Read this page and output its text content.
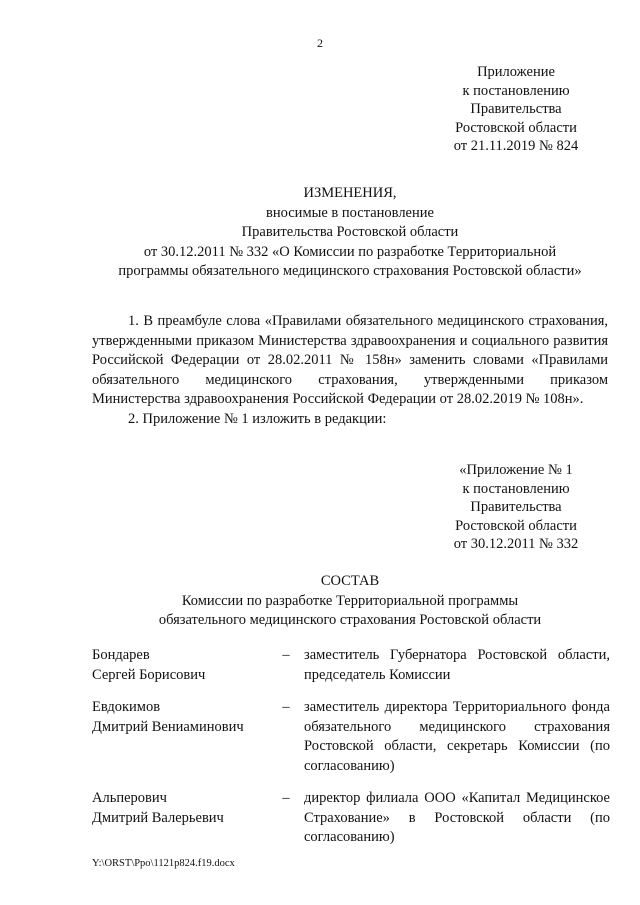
2
Приложение
к постановлению
Правительства
Ростовской области
от 21.11.2019 № 824
ИЗМЕНЕНИЯ,
вносимые в постановление
Правительства Ростовской области
от 30.12.2011 № 332 «О Комиссии по разработке Территориальной
программы обязательного медицинского страхования Ростовской области»

1. В преамбуле слова «Правилами обязательного медицинского страхования, утвержденными приказом Министерства здравоохранения и социального развития Российской Федерации от 28.02.2011 № 158н» заменить словами «Правилами обязательного медицинского страхования, утвержденными приказом Министерства здравоохранения Российской Федерации от 28.02.2019 № 108н».

2. Приложение № 1 изложить в редакции:

«Приложение № 1
к постановлению
Правительства
Ростовской области
от 30.12.2011 № 332
СОСТАВ
Комиссии по разработке Территориальной программы
обязательного медицинского страхования Ростовской области
Бондарев
Сергей Борисович
– заместитель Губернатора Ростовской области, председатель Комиссии
Евдокимов
Дмитрий Вениаминович
– заместитель директора Территориального фонда обязательного медицинского страхования Ростовской области, секретарь Комиссии (по согласованию)
Альперович
Дмитрий Валерьевич
– директор филиала ООО «Капитал Медицинское Страхование» в Ростовской области (по согласованию)
Y:\ORST\Ppo\1121p824.f19.docx
